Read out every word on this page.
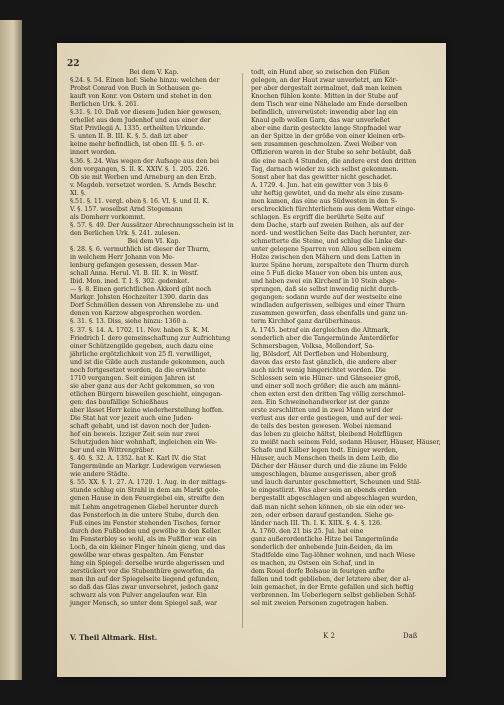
22

Bei dem V. Kap.

§.24. §. 54. Einen hof: Siehe hinzu: welchen der

Probst Conrad von Buch in Sothausen ge-

kauft von Konr. von Ostern und stehet in den

Berlichen Urk. §. 261.

§.31. §. 10. Daß vor diesem Juden hier gewesen,

erhellet aus dem Judenhof und aus einer der

Stat Privilegii A. 1335. ertheilten Urkunde.

S. unten II. B. III. K. §. 5. daß izt aber

keine mehr befindlich, ist oben III. §. 5. er-

innert worden.

§.36. §. 24. Was wegen der Aufsage aus den bei

den vorgangen, S. II. K. XXIV. §. 1. 205. 226.

Ob sie mit Werben und Arneburg an den Erzb.

v. Magdeb. versetzet worden. S. Arnds Beschr.

XI. §.

§.51. §. 11. vergl. oben §. 16. VI. §. und II. K.

V. §. 157. woselbst Arnd Stegemann

als Domherr vorkommt.

§. 57. §. 49. Der Aussätzer Abrechnungsschein ist in

den Berlichen Urk. §. 241. zulesen.

Bei dem VI. Kap.

§. 28. §. 6. vermuthlich ist dieser der Thurm,

in welchem Herr Johann von Me-

lenburg gefangen gesessen, dessen Mar-

schall Anna. Herul. VI. B. III. K. in Westf.

Ibid. Mon. ined. T. I. §. 302. gedenket.

— §. 8. Einen gerichtlichen Akkord gibt noch

Markgr. Johsten Hochzeiter 1390. darin das

Dorf Schmöllen dessen von Ahrenslebe zu- und

denen von Karzow abgesprochen worden.

§. 31. §. 13. Diss, siehe hinzu: 1360 a.

§. 37. §. 14. A. 1702. 11. Nov. haben S. K. M.

Friedrich I. dero gemeinschaftung zur Aufrichtung

einer Schützengilde gegeben, auch dazu eine

jährliche ergötzlichkeit von 25 fl. verwilliget,

und ist die Gilde auch zustande gekommen, auch

noch fortgesetzet worden, da die erwähnte

1710 vergangen. Seit einigen Jahren ist

sie aber ganz aus der Acht gekommen, so von

etlichen Bürgern bisweilen geschieht, eingegan-

gen: das baufällige Schießhaus

aber lässet Herr keine wiederherstellung hoffen.

Die Stat hat vor jezeit auch eine Juden-

schaft gehabt, und ist davon noch der Juden-

hof ein beweis. Izziger Zeit sein nur zwei

Schutzjuden hier wohnhaft, ingleichen ein We-

ber und ein Wittrengräber.

§. 40. §. 32. A. 1352. hat K. Karl IV. die Stat

Tangermünde an Markgr. Ludewigen verwiesen

wie andere Städte.

§. 55. XX. §. 1. 27. A. 1720. 1. Aug. in der mittags-

stunde schlug ein Strahl in dem am Markt gele-

genen Hause in den Feuergiebel ein, streifte den

mit Lehm angetragenen Giebel herunter durch

das Fensterloch in die untere Stube, durch den

Fuß eines im Fenster stehenden Tisches, ferner

durch den Fußboden und gewölbe in den Keller.

Im Fensterbley so wohl, als im Fußflor war ein

Loch, da ein kleiner Finger hinein gieng, und das

gewölbe war etwas gespalten. Am Fenster

hing ein Spiegel: derselbe wurde abgerissen und

zerstückert vor die Stubenthüre geworfen, da

man ihn auf der Spiegelseite liegend gefunden,

so daß das Glas zwar unversehret, jedoch ganz

schwarz als von Pulver angelaufen war. Ein

junger Mensch, so unter dem Spiegel saß, war

todt, ein Hund aber, so zwischen den Füßen

gelegen, an der Haut zwar unverletzt, am Kör-

per aber dergestalt zermalmet, daß man keinen

Knochen fühlen konte. Mitten in der Stube auf

dem Tisch war eine Nähelade am Ende derselben

befindlich, unverwüstet: inwendig aber lag ein

Knaul gelb wollen Garn, das war unverleßet

aber eine darin gesteckte lange Stopfnadel war

an der Spitze in der größe von einer kleinen erb-

sen zusammen geschmolzen. Zwei Weiber von

Offizieren waren in der Stube so sehr betäubt, daß

die eine nach 4 Stunden, die andere erst den dritten

Tag, darnach wieder zu sich selbst gekommen.

Sonst aber hat das gewitter nicht geschadet.

A. 1729. 4. Jun. hat ein gewitter von 3 bis 6

uhr heftig gewütet, und da mehr als eine zusam-

men kamen, das eine aus Südwesten in den S-

erschrecklich fürchterlichem aus dem Wetter einge-

schlagen. Es ergriff die berührte Seite auf

dem Dache, starb auf zweien Reihen, als auf der

nord- und westlichen Seite das Dach herunter, zer-

schmetterte die Steine, und schlug die Linke dar-

unter gelegene Sparren von Aliou selben einem

Holze zwischen den Mähern und dem Latten in

kurze Späne herum, zerspaltete den Thurm durch

eine 5 Fuß dicke Mauer von oben bis unten aus,

und haben zwei ein Kirchenf in 10 Stein abge-

sprungen, daß sie selbst inwendig nicht durch-

gegangen: sodann wurde auf der westseite eine

windladen aufgerissen, selbiges und einer Thurn

zusammen geworfen, dass ebenfalls und ganz un-

term Kirchhof ganz darüberhinaus.

A. 1745. betraf ein dergleichen die Altmark,

sonderlich aber die Tangermünde Ämterdörfer

Schmersbagen, Volksa, Mollendorf, Sa-

lig, Bölsdorf, Alt Derfleben und Hobenburg,

davon das erste fast gänzlich, die andere aber

auch nicht wenig hingerichtet worden. Die

Schlossen sein wie Hüner- und Gänseeier groß,

und einer soll noch größer; die auch am männi-

chen exten erst den dritten Tag völlig zerschmol-

zen. Ein Schweinehandwerker ist der ganze

erste zerschlitten und in zwei Mann wird der

verlust aus der erde gestiegen, und auf der wei-

de teils des besten gewesen. Wobei niemand

das leben zu gleiche hältst, bleibend Holzflügen

zu meißt nach seinem Feld, sodann Häuser, Häuser, Häuser,

Schafe und Kälber legen todt. Einiger werden,

Häuser, auch Menschen theils in dem Leib, die

Dächer der Häuser durch und die zäune im Felde

umgeschlagen, bäume ausgerissen, aber groß

und lauch darunter geschmettert, Scheunen und Stäl-

le eingestürzt. Was aber sein an ebends erden

bergestallt abgeschlagen und abgeschlagen wurden,

daß man nicht sehen können, ob sie ein oder we-

zen, oder erbsen darauf gestanden. Siehe ge-

länder nach III. Th. I. K. XIIX. §. 4. §. 126.

A. 1760. den 21 bis 25. Jul. hat eine

ganz außerordentliche Hitze bei Tangermünde

sonderlich der anhebende Juin-ßeiden, da im

Stadtfelde eine Tag-löhner wohnen, und nach Wiese

es machen, zu Ostsen ein Schaf, und in

dem Rouel dorfe Bolsaue in feurigen anfte

fallen und todt geblieben, der letztere aber, der al-

lein gemachet, in der Ernte gefallen und sich heftig

verbrennen. Im Ueberlegern selbst geblieben Schäf-

sel mit zweien Personen zugetragen haben.

V. Theil Altmark. Hist.	K 2	Daß
